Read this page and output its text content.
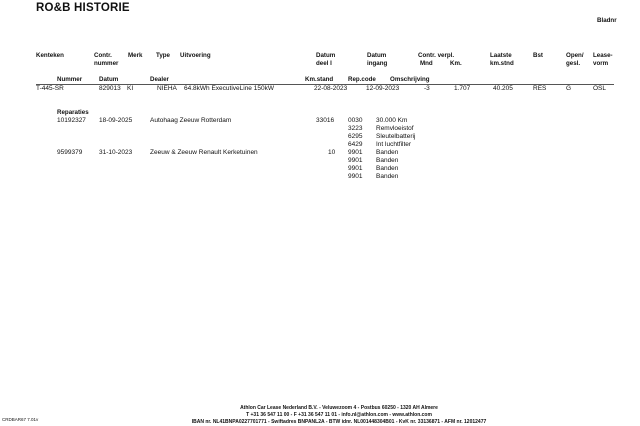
RO&B HISTORIE
Bladnr
Kenteken	Contr.	Merk Type Uitvoering	Datum	Datum	Contr. verpl.	Laatste	Bst	Open/ Lease-
nummer	deel I	ingang	Mnd	Km.	km.stnd	gesl. vorm
Nummer	Datum	Dealer	Km.stand Rep.code Omschrijving
T-445-SR	829013 KI	NIEHA 64.8kWh ExecutiveLine 150kW	22-08-2023	12-09-2023	-3	1.707	40.205	RES	G	OSL
Reparaties
10192327 18-09-2025	Autohaag Zeeuw Rotterdam	33016 0030 30.000 Km
3223 Remvloeistof
6295 Sleutelbatterij
6429 Int luchtfilter
9599379	31-10-2023	Zeeuw & Zeeuw Renault Kerketuinen	10 9901 Banden
9901 Banden
9901 Banden
9901 Banden
CRDBAR67 7.01v
Athlon Car Lease Nederland B.V. - Veluwezoom 4 - Postbus 60250 - 1320 AH Almere
T +31 36 547 11 00 - F +31 36 547 11 01 - info.nl@athlon.com - www.athlon.com
IBAN nr. NL41BNPA0227701771 - Swiftadres BNPANL2A - BTW idnr. NL001448304B01 - KvK nr. 33136871 - AFM nr. 12012477
